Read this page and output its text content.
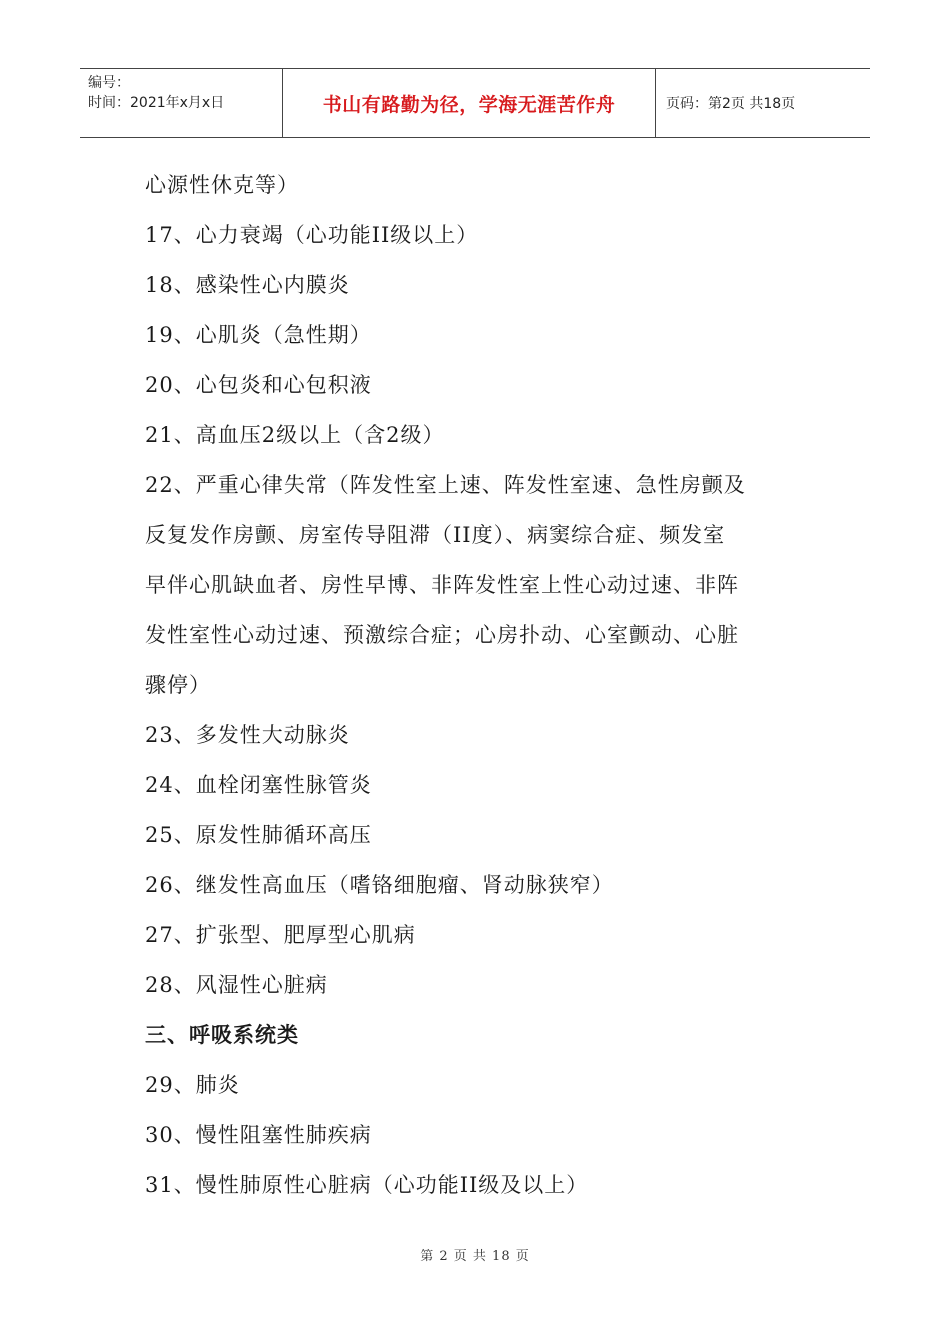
编号：
时间：2021年x月x日	书山有路勤为径，学海无涯苦作舟	页码：第2页 共18页
心源性休克等）
17、心力衰竭（心功能II级以上）
18、感染性心内膜炎
19、心肌炎（急性期）
20、心包炎和心包积液
21、高血压2级以上（含2级）
22、严重心律失常（阵发性室上速、阵发性室速、急性房颤及
反复发作房颤、房室传导阻滞（II度）、病窦综合症、频发室
早伴心肌缺血者、房性早博、非阵发性室上性心动过速、非阵
发性室性心动过速、预激综合症；心房扑动、心室颤动、心脏
骤停）
23、多发性大动脉炎
24、血栓闭塞性脉管炎
25、原发性肺循环高压
26、继发性高血压（嗜铬细胞瘤、肾动脉狭窄）
27、扩张型、肥厚型心肌病
28、风湿性心脏病
三、呼吸系统类
29、肺炎
30、慢性阻塞性肺疾病
31、慢性肺原性心脏病（心功能II级及以上）
第 2 页 共 18 页
